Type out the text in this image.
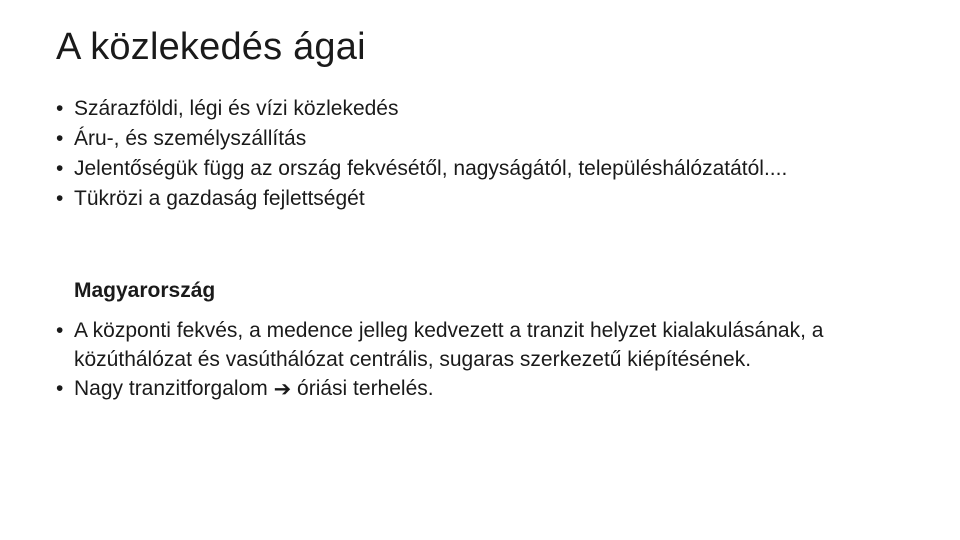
A közlekedés ágai
• Szárazföldi, légi és vízi közlekedés
• Áru-, és személyszállítás
• Jelentőségük függ az ország fekvésétől, nagyságától, településhálózatától....
• Tükrözi a gazdaság fejlettségét
Magyarország
• A központi fekvés, a medence jelleg kedvezett a tranzit helyzet kialakulásának, a közúthálózat és vasúthálózat centrális, sugaras szerkezetű kiépítésének.
• Nagy tranzitforgalom ➔ óriási terhelés.
